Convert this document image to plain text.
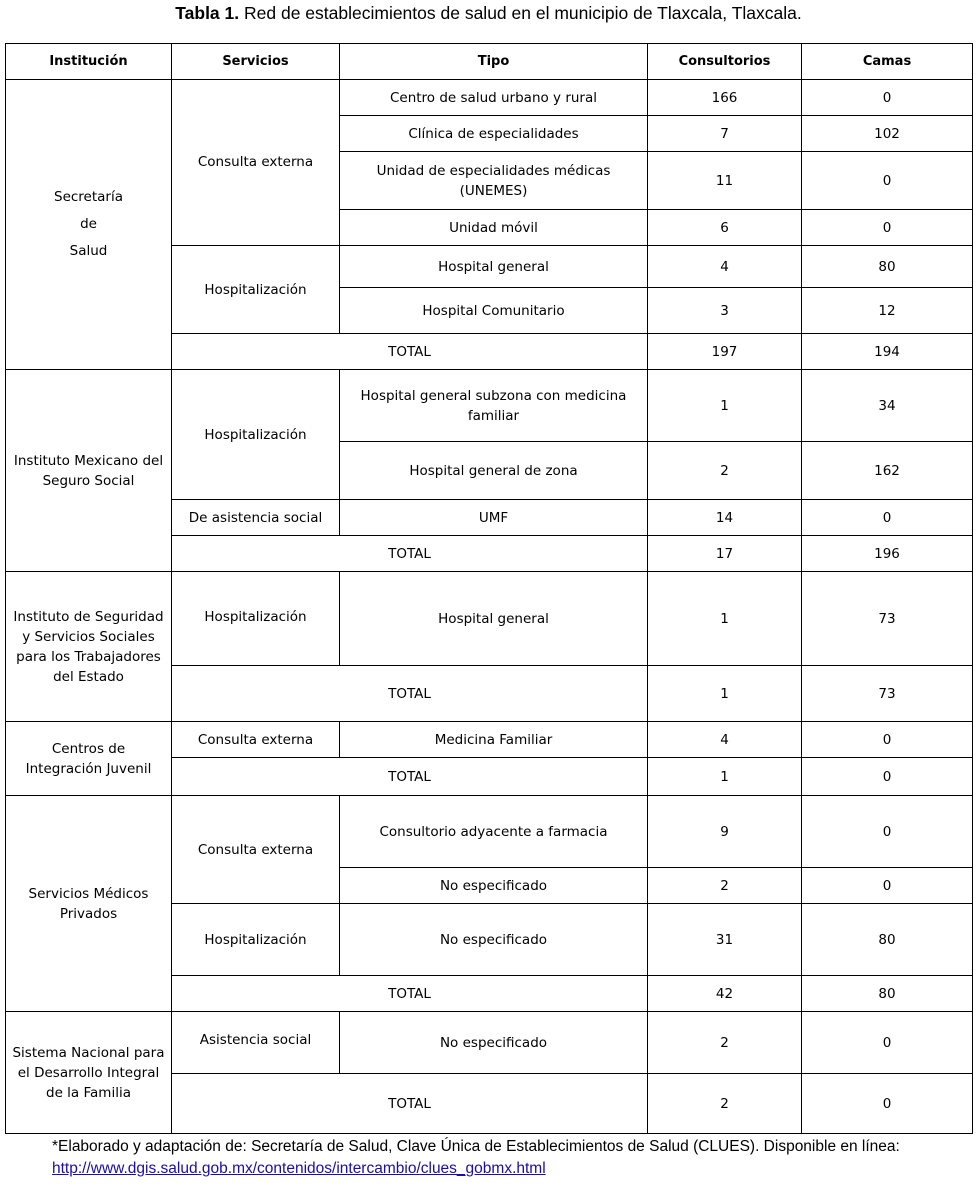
Tabla 1. Red de establecimientos de salud en el municipio de Tlaxcala, Tlaxcala.
Institución	Servicios	Tipo	Consultorios	Camas

Secretaría
de
Salud	Consulta externa	Centro de salud urbano y rural	166	0
		Clínica de especialidades	7	102
		Unidad de especialidades médicas (UNEMES)	11	0
		Unidad móvil	6	0
	Hospitalización	Hospital general	4	80
		Hospital Comunitario	3	12
	TOTAL		197	194
Instituto Mexicano del Seguro Social	Hospitalización	Hospital general subzona con medicina familiar	1	34
		Hospital general de zona	2	162
	De asistencia social	UMF	14	0
	TOTAL		17	196
Instituto de Seguridad y Servicios Sociales para los Trabajadores del Estado	Hospitalización	Hospital general	1	73
	TOTAL		1	73
Centros de Integración Juvenil	Consulta externa	Medicina Familiar	4	0
	TOTAL		1	0
Servicios Médicos Privados	Consulta externa	Consultorio adyacente a farmacia	9	0
		No especificado	2	0
	Hospitalización	No especificado	31	80
	TOTAL		42	80
Sistema Nacional para el Desarrollo Integral de la Familia	Asistencia social	No especificado	2	0
	TOTAL		2	0
*Elaborado y adaptación de: Secretaría de Salud, Clave Única de Establecimientos de Salud (CLUES). Disponible en línea: http://www.dgis.salud.gob.mx/contenidos/intercambio/clues_gobmx.html
